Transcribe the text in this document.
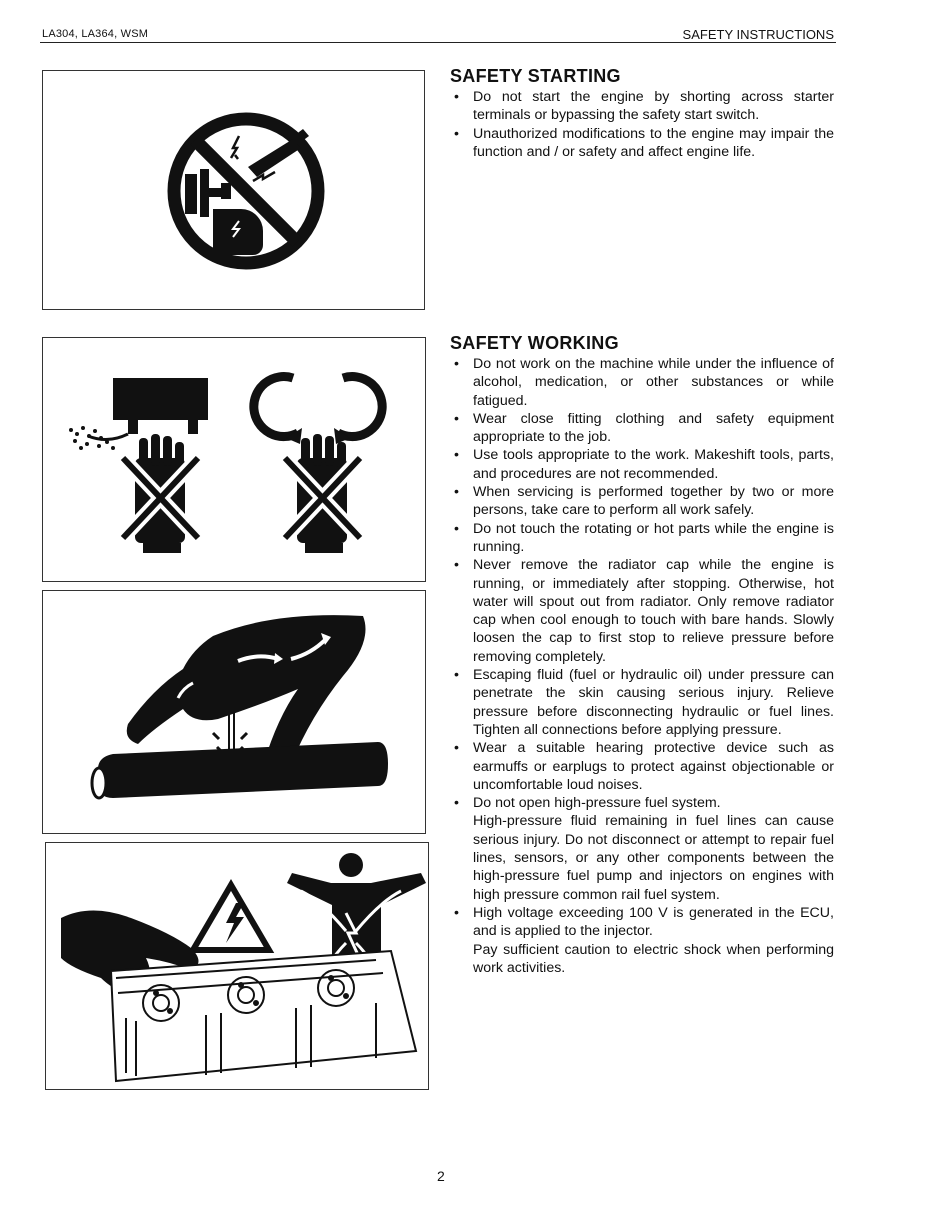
LA304, LA364, WSM	SAFETY INSTRUCTIONS
SAFETY STARTING
• Do not start the engine by shorting across starter terminals or bypassing the safety start switch.

• Unauthorized modifications to the engine may impair the function and / or safety and affect engine life.

SAFETY WORKING
• Do not work on the machine while under the influence of alcohol, medication, or other substances or while fatigued.

• Wear close fitting clothing and safety equipment appropriate to the job.

• Use tools appropriate to the work. Makeshift tools, parts, and procedures are not recommended.

• When servicing is performed together by two or more persons, take care to perform all work safely.

• Do not touch the rotating or hot parts while the engine is running.

• Never remove the radiator cap while the engine is running, or immediately after stopping. Otherwise, hot water will spout out from radiator. Only remove radiator cap when cool enough to touch with bare hands. Slowly loosen the cap to first stop to relieve pressure before removing completely.

• Escaping fluid (fuel or hydraulic oil) under pressure can penetrate the skin causing serious injury. Relieve pressure before disconnecting hydraulic or fuel lines. Tighten all connections before applying pressure.

• Wear a suitable hearing protective device such as earmuffs or earplugs to protect against objectionable or uncomfortable loud noises.

• Do not open high-pressure fuel system.

High-pressure fluid remaining in fuel lines can cause serious injury. Do not disconnect or attempt to repair fuel lines, sensors, or any other components between the high-pressure fuel pump and injectors on engines with high pressure common rail fuel system.

• High voltage exceeding 100 V is generated in the ECU, and is applied to the injector.

Pay sufficient caution to electric shock when performing work activities.

2
